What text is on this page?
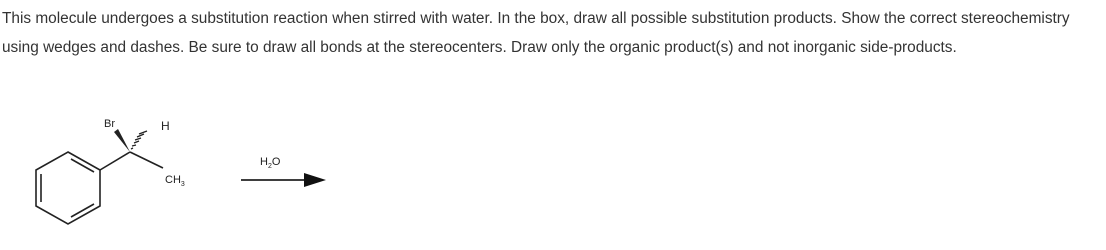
This molecule undergoes a substitution reaction when stirred with water. In the box, draw all possible substitution products. Show the correct stereochemistry using wedges and dashes. Be sure to draw all bonds at the stereocenters. Draw only the organic product(s) and not inorganic side-products.

Br	H
$CH_3$
$H_2O$
